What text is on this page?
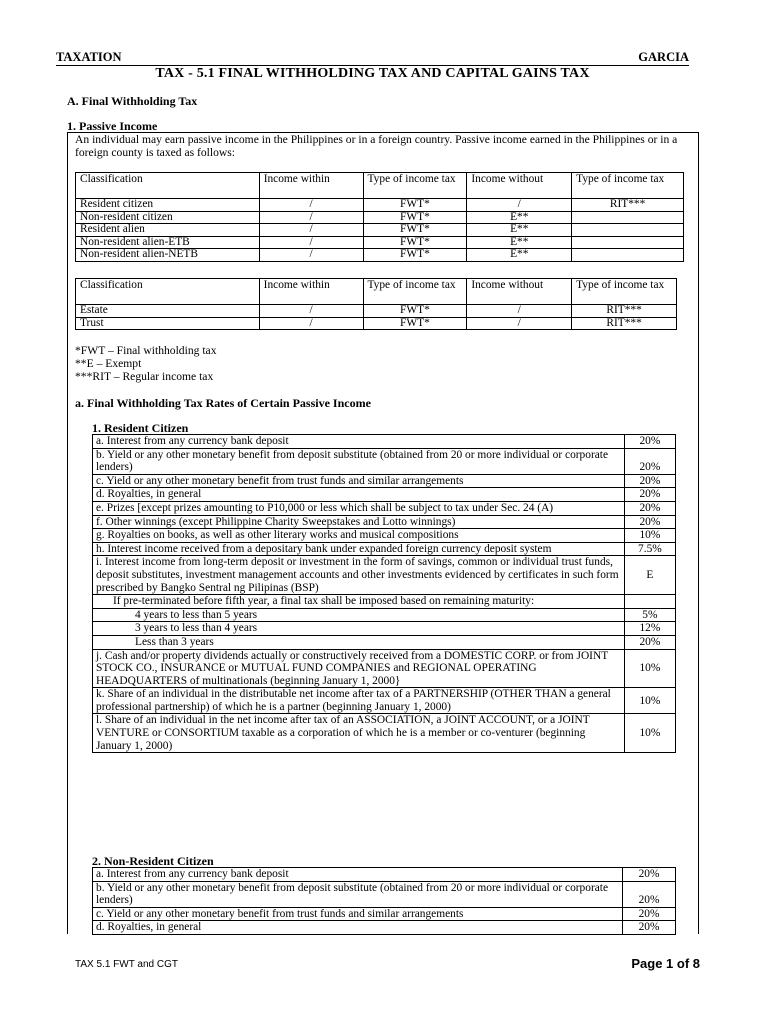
TAXATION	GARCIA
TAX - 5.1 FINAL WITHHOLDING TAX AND CAPITAL GAINS TAX
A. Final Withholding Tax
1. Passive Income
An individual may earn passive income in the Philippines or in a foreign country. Passive income earned in the Philippines or in a foreign county is taxed as follows:
Classification	Income within	Type of income tax	Income without	Type of income tax
Resident citizen	/	FWT*	/	RIT***
Non-resident citizen	/	FWT*	E**	
Resident alien	/	FWT*	E**	
Non-resident alien-ETB	/	FWT*	E**	
Non-resident alien-NETB	/	FWT*	E**	
Classification	Income within	Type of income tax	Income without	Type of income tax
Estate	/	FWT*	/	RIT***
Trust	/	FWT*	/	RIT***
*FWT – Final withholding tax
**E – Exempt
***RIT – Regular income tax
a. Final Withholding Tax Rates of Certain Passive Income
1. Resident Citizen
a. Interest from any currency bank deposit	20%
b. Yield or any other monetary benefit from deposit substitute (obtained from 20 or more individual or corporate lenders)	20%
c. Yield or any other monetary benefit from trust funds and similar arrangements	20%
d. Royalties, in general	20%
e. Prizes [except prizes amounting to P10,000 or less which shall be subject to tax under Sec. 24 (A)	20%
f. Other winnings (except Philippine Charity Sweepstakes and Lotto winnings)	20%
g. Royalties on books, as well as other literary works and musical compositions	10%
h. Interest income received from a depositary bank under expanded foreign currency deposit system	7.5%
i. Interest income from long-term deposit or investment in the form of savings, common or individual trust funds, deposit substitutes, investment management accounts and other investments evidenced by certificates in such form prescribed by Bangko Sentral ng Pilipinas (BSP)	E
If pre-terminated before fifth year, a final tax shall be imposed based on remaining maturity:	
4 years to less than 5 years	5%
3 years to less than 4 years	12%
Less than 3 years	20%
j. Cash and/or property dividends actually or constructively received from a DOMESTIC CORP. or from JOINT STOCK CO., INSURANCE or MUTUAL FUND COMPANIES and REGIONAL OPERATING HEADQUARTERS of multinationals (beginning January 1, 2000}	10%
k. Share of an individual in the distributable net income after tax of a PARTNERSHIP (OTHER THAN a general professional partnership) of which he is a partner (beginning January 1, 2000)	10%
l. Share of an individual in the net income after tax of an ASSOCIATION, a JOINT ACCOUNT, or a JOINT VENTURE or CONSORTIUM taxable as a corporation of which he is a member or co-venturer (beginning January 1, 2000)	10%
2. Non-Resident Citizen
a. Interest from any currency bank deposit	20%
b. Yield or any other monetary benefit from deposit substitute (obtained from 20 or more individual or corporate lenders)	20%
c. Yield or any other monetary benefit from trust funds and similar arrangements	20%
d. Royalties, in general	20%
TAX 5.1 FWT and CGT	Page 1 of 8
